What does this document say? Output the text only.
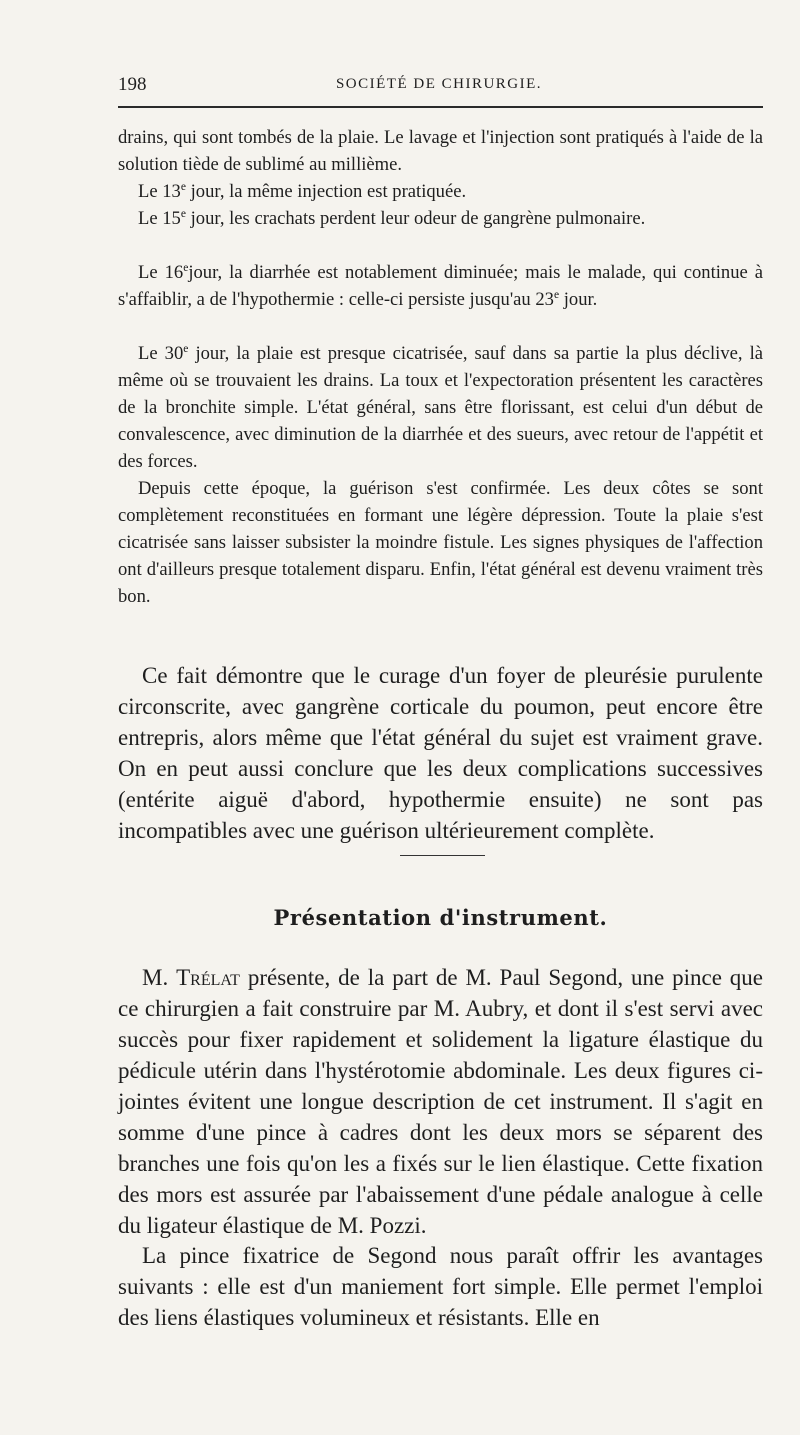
198	SOCIÉTÉ DE CHIRURGIE.

drains, qui sont tombés de la plaie. Le lavage et l'injection sont pratiqués à l'aide de la solution tiède de sublimé au millième.

Le 13e jour, la même injection est pratiquée.

Le 15e jour, les crachats perdent leur odeur de gangrène pulmonaire.

Le 16ejour, la diarrhée est notablement diminuée; mais le malade, qui continue à s'affaiblir, a de l'hypothermie : celle-ci persiste jusqu'au 23e jour.

Le 30e jour, la plaie est presque cicatrisée, sauf dans sa partie la plus déclive, là même où se trouvaient les drains. La toux et l'expectoration présentent les caractères de la bronchite simple. L'état général, sans être florissant, est celui d'un début de convalescence, avec diminution de la diarrhée et des sueurs, avec retour de l'appétit et des forces.

Depuis cette époque, la guérison s'est confirmée. Les deux côtes se sont complètement reconstituées en formant une légère dépression. Toute la plaie s'est cicatrisée sans laisser subsister la moindre fistule. Les signes physiques de l'affection ont d'ailleurs presque totalement disparu. Enfin, l'état général est devenu vraiment très bon.

Ce fait démontre que le curage d'un foyer de pleurésie purulente circonscrite, avec gangrène corticale du poumon, peut encore être entrepris, alors même que l'état général du sujet est vraiment grave. On en peut aussi conclure que les deux complications successives (entérite aiguë d'abord, hypothermie ensuite) ne sont pas incompatibles avec une guérison ultérieurement complète.

Présentation d'instrument.

M. Trélat présente, de la part de M. Paul Segond, une pince que ce chirurgien a fait construire par M. Aubry, et dont il s'est servi avec succès pour fixer rapidement et solidement la ligature élastique du pédicule utérin dans l'hystérotomie abdominale. Les deux figures ci-jointes évitent une longue description de cet instrument. Il s'agit en somme d'une pince à cadres dont les deux mors se séparent des branches une fois qu'on les a fixés sur le lien élastique. Cette fixation des mors est assurée par l'abaissement d'une pédale analogue à celle du ligateur élastique de M. Pozzi.

La pince fixatrice de Segond nous paraît offrir les avantages suivants : elle est d'un maniement fort simple. Elle permet l'emploi des liens élastiques volumineux et résistants. Elle en
